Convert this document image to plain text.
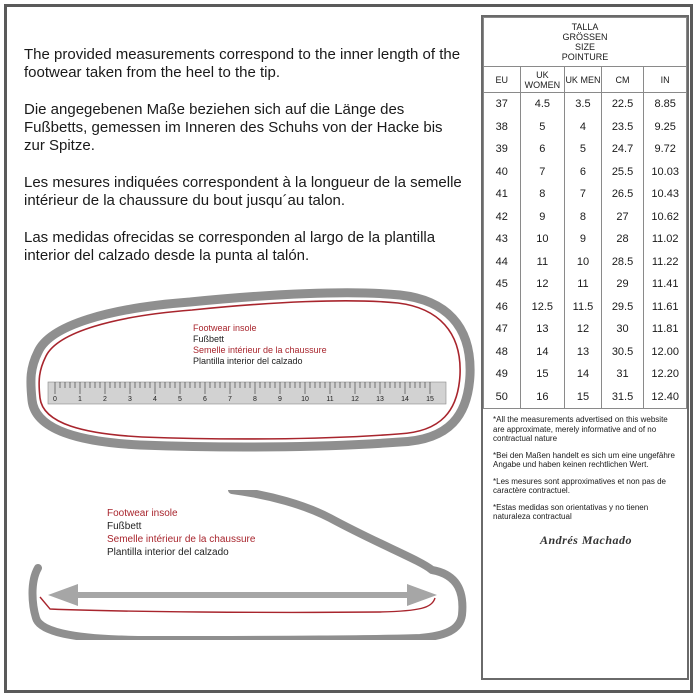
The provided measurements correspond to the inner length of the footwear taken from the heel to the tip.

Die angegebenen Maße beziehen sich auf die Länge des Fußbetts, gemessen im Inneren des Schuhs von der Hacke bis zur Spitze.

Les mesures indiquées correspondent à la longueur de la semelle intérieur de la chaussure du bout jusqu´au talon.

Las medidas ofrecidas se corresponden al largo de la plantilla interior del calzado desde la punta al talón.

0	1	2	3	4	5	6	7	8	9	10 11 12 13 14 15
Footwear insole
Fußbett
Semelle intérieur de la chaussure
Plantilla interior del calzado
Footwear insole
Fußbett
Semelle intérieur de la chaussure
Plantilla interior del calzado
TALLA
GRÖSSEN
SIZE
POINTURE				

EU	UK WOMEN	UK MEN	CM	IN
37	4.5	3.5	22.5	8.85
38	5	4	23.5	9.25
39	6	5	24.7	9.72
40	7	6	25.5	10.03
41	8	7	26.5	10.43
42	9	8	27	10.62
43	10	9	28	11.02
44	11	10	28.5	11.22
45	12	11	29	11.41
46	12.5	11.5	29.5	11.61
47	13	12	30	11.81
48	14	13	30.5	12.00
49	15	14	31	12.20
50	16	15	31.5	12.40

*All the measurements advertised on this website are approximate, merely informative and of no contractual nature

*Bei den Maßen handelt es sich um eine ungefähre Angabe und haben keinen rechtlichen Wert.

*Les mesures sont approximatives et non pas de caractère contractuel.

*Estas medidas son orientativas y no tienen naturaleza contractual

Andrés Machado
